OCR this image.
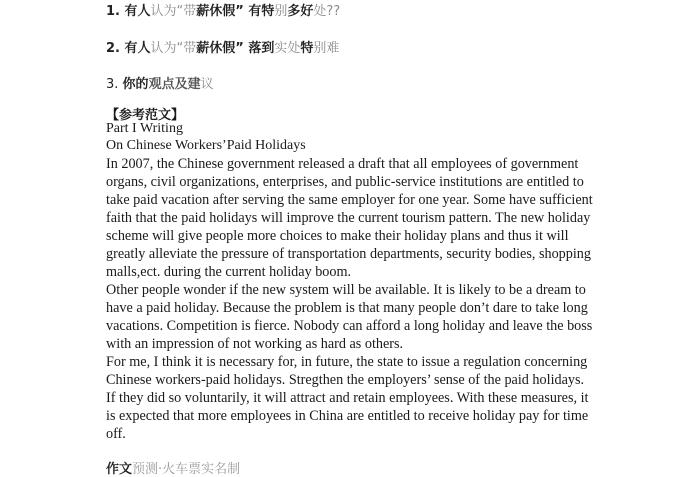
1. 有人认为“带薪休假” 有特别多好处??
2. 有人认为“带薪休假” 落到实处特别难
3. 你的观点及建议
【参考范文】
Part I Writing
On Chinese Workers’Paid Holidays

In 2007, the Chinese government released a draft that all employees of government organs, civil organizations, enterprises, and public-service institutions are entitled to take paid vacation after serving the same employer for one year. Some have sufficient faith that the paid holidays will improve the current tourism pattern. The new holiday scheme will give people more choices to make their holiday plans and thus it will greatly alleviate the pressure of transportation departments, security bodies, shopping malls,ect. during the current holiday boom.

Other people wonder if the new system will be available. It is likely to be a dream to have a paid holiday. Because the problem is that many people don’t dare to take long vacations. Competition is fierce. Nobody can afford a long holiday and leave the boss with an impression of not working as hard as others.

For me, I think it is necessary for, in future, the state to issue a regulation concerning Chinese workers-paid holidays. Stregthen the employers’ sense of the paid holidays. If they did so voluntarily, it will attract and retain employees. With these measures, it is expected that more employees in China are entitled to receive holiday pay for time off.

作文预测·火车票实名制
